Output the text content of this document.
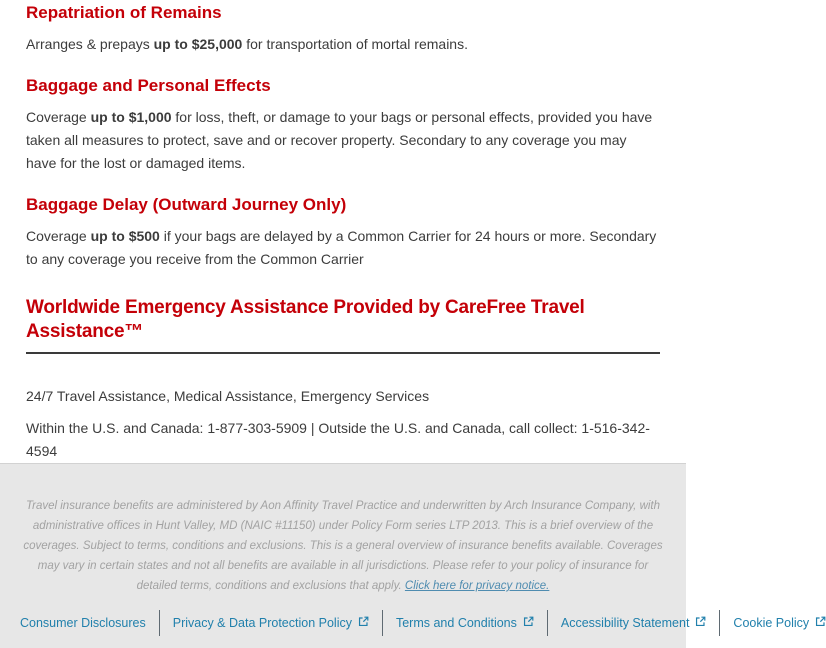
Repatriation of Remains

Arranges & prepays up to $25,000 for transportation of mortal remains.

Baggage and Personal Effects

Coverage up to $1,000 for loss, theft, or damage to your bags or personal effects, provided you have taken all measures to protect, save and or recover property. Secondary to any coverage you may have for the lost or damaged items.

Baggage Delay (Outward Journey Only)

Coverage up to $500 if your bags are delayed by a Common Carrier for 24 hours or more. Secondary to any coverage you receive from the Common Carrier

Worldwide Emergency Assistance Provided by CareFree Travel Assistance™

24/7 Travel Assistance, Medical Assistance, Emergency Services

Within the U.S. and Canada: 1-877-303-5909 | Outside the U.S. and Canada, call collect: 1-516-342-4594

Travel insurance benefits are administered by Aon Affinity Travel Practice and underwritten by Arch Insurance Company, with administrative offices in Hunt Valley, MD (NAIC #11150) under Policy Form series LTP 2013. This is a brief overview of the coverages. Subject to terms, conditions and exclusions. This is a general overview of insurance benefits available. Coverages may vary in certain states and not all benefits are available in all jurisdictions. Please refer to your policy of insurance for detailed terms, conditions and exclusions that apply. Click here for privacy notice.

Consumer Disclosures Privacy & Data Protection Policy	Terms and Conditions	Accessibility Statement	Cookie Policy
